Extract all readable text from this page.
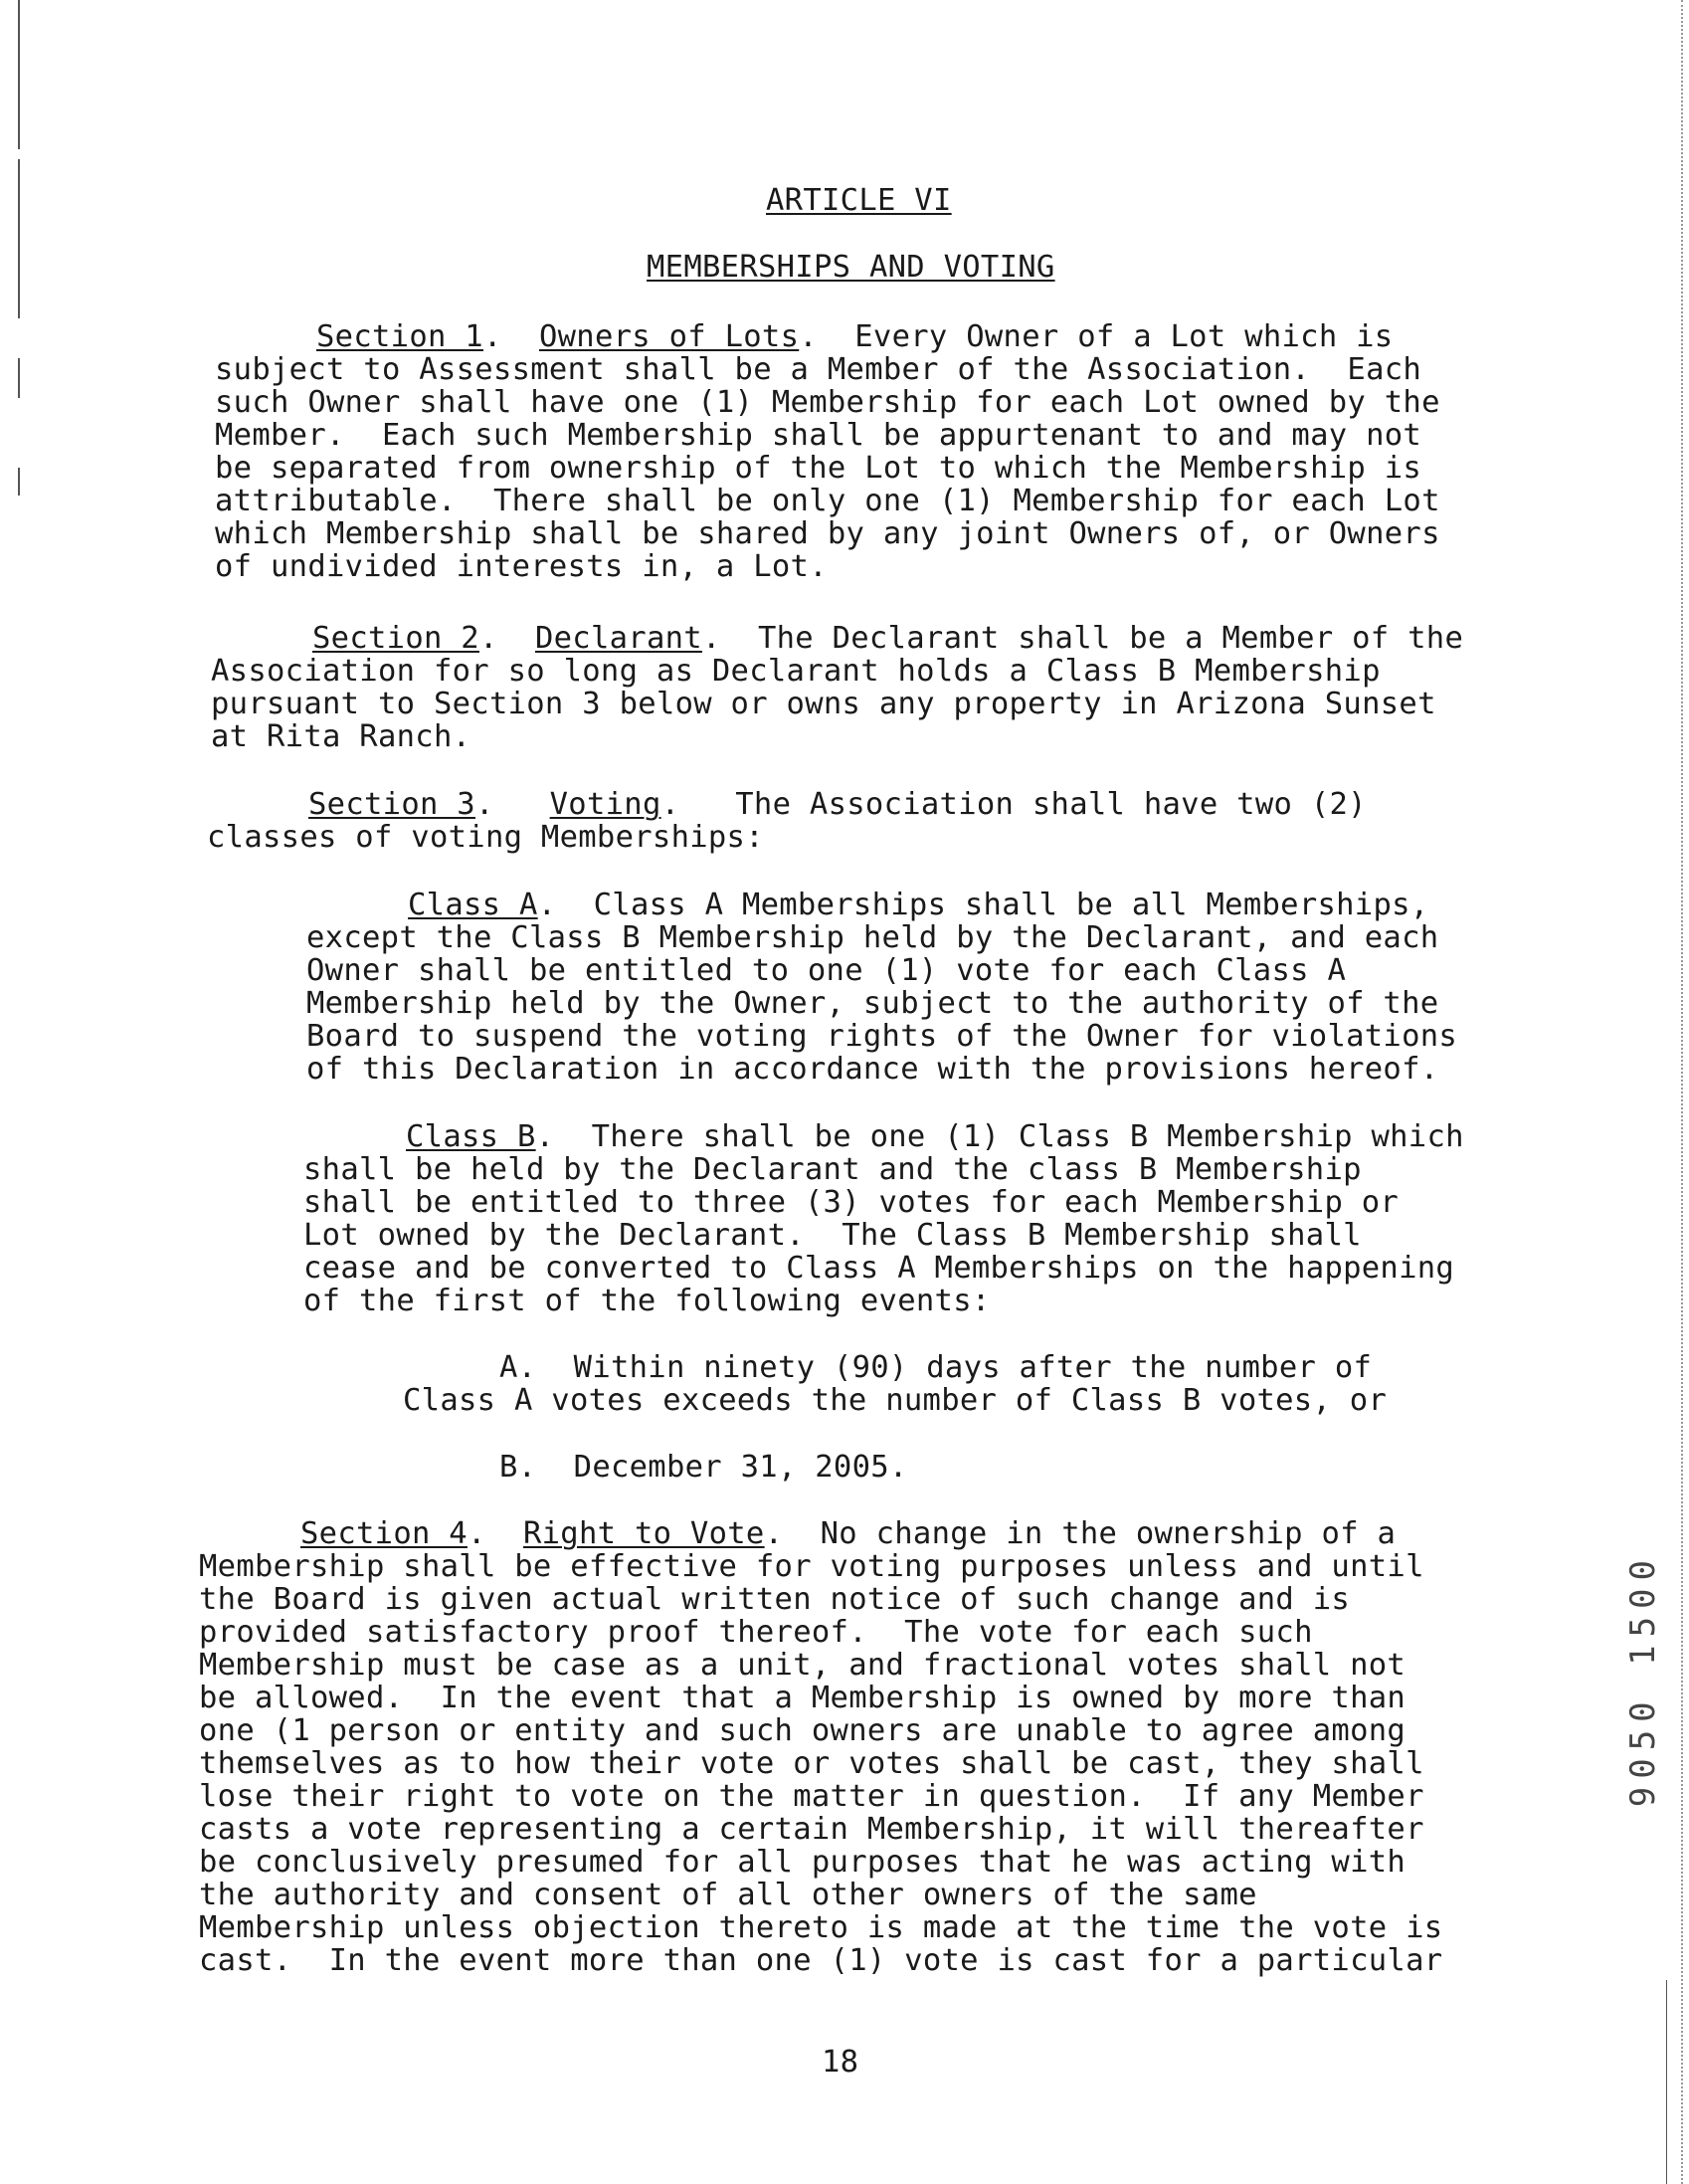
ARTICLE VI
MEMBERSHIPS AND VOTING
Section 1.  Owners of Lots.  Every Owner of a Lot which is
subject to Assessment shall be a Member of the Association.  Each
such Owner shall have one (1) Membership for each Lot owned by the
Member.  Each such Membership shall be appurtenant to and may not
be separated from ownership of the Lot to which the Membership is
attributable.  There shall be only one (1) Membership for each Lot
which Membership shall be shared by any joint Owners of, or Owners
of undivided interests in, a Lot.
Section 2.  Declarant.  The Declarant shall be a Member of the
Association for so long as Declarant holds a Class B Membership
pursuant to Section 3 below or owns any property in Arizona Sunset
at Rita Ranch.
Section 3.   Voting.   The Association shall have two (2)
classes of voting Memberships:
Class A.  Class A Memberships shall be all Memberships,
except the Class B Membership held by the Declarant, and each
Owner shall be entitled to one (1) vote for each Class A
Membership held by the Owner, subject to the authority of the
Board to suspend the voting rights of the Owner for violations
of this Declaration in accordance with the provisions hereof.
Class B.  There shall be one (1) Class B Membership which
shall be held by the Declarant and the class B Membership
shall be entitled to three (3) votes for each Membership or
Lot owned by the Declarant.  The Class B Membership shall
cease and be converted to Class A Memberships on the happening
of the first of the following events:
A. Within ninety (90) days after the number of
Class A votes exceeds the number of Class B votes, or
B. December 31, 2005.
Section 4.  Right to Vote.  No change in the ownership of a
Membership shall be effective for voting purposes unless and until
the Board is given actual written notice of such change and is
provided satisfactory proof thereof.  The vote for each such
Membership must be case as a unit, and fractional votes shall not
be allowed.  In the event that a Membership is owned by more than
one (1 person or entity and such owners are unable to agree among
themselves as to how their vote or votes shall be cast, they shall
lose their right to vote on the matter in question.  If any Member
casts a vote representing a certain Membership, it will thereafter
be conclusively presumed for all purposes that he was acting with
the authority and consent of all other owners of the same
Membership unless objection thereto is made at the time the vote is
cast.  In the event more than one (1) vote is cast for a particular
18
9050 1500
